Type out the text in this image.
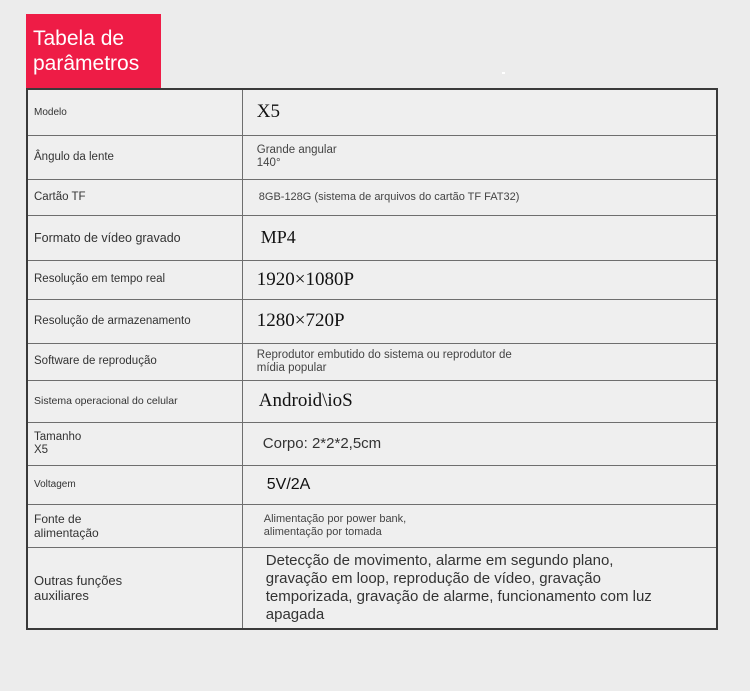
Tabela de
parâmetros
Modelo	X5
Ângulo da lente	Grande angular 140°

Cartão TF	8GB-128G (sistema de arquivos do cartão TF FAT32)
Formato de vídeo gravado	MP4
Resolução em tempo real	1920×1080P
Resolução de armazenamento	1280×720P
Software de reprodução	Reprodutor embutido do sistema ou reprodutor de mídia popular

Sistema operacional do celular	Android\ioS

Tamanho X5	Corpo: 2*2*2,5cm
Voltagem	5V/2A

Fonte de alimentação	Alimentação por power bank, alimentação por tomada

Outras funções auxiliares	Detecção de movimento, alarme em segundo plano, gravação em loop, reprodução de vídeo, gravação temporizada, gravação de alarme, funcionamento com luz apagada
